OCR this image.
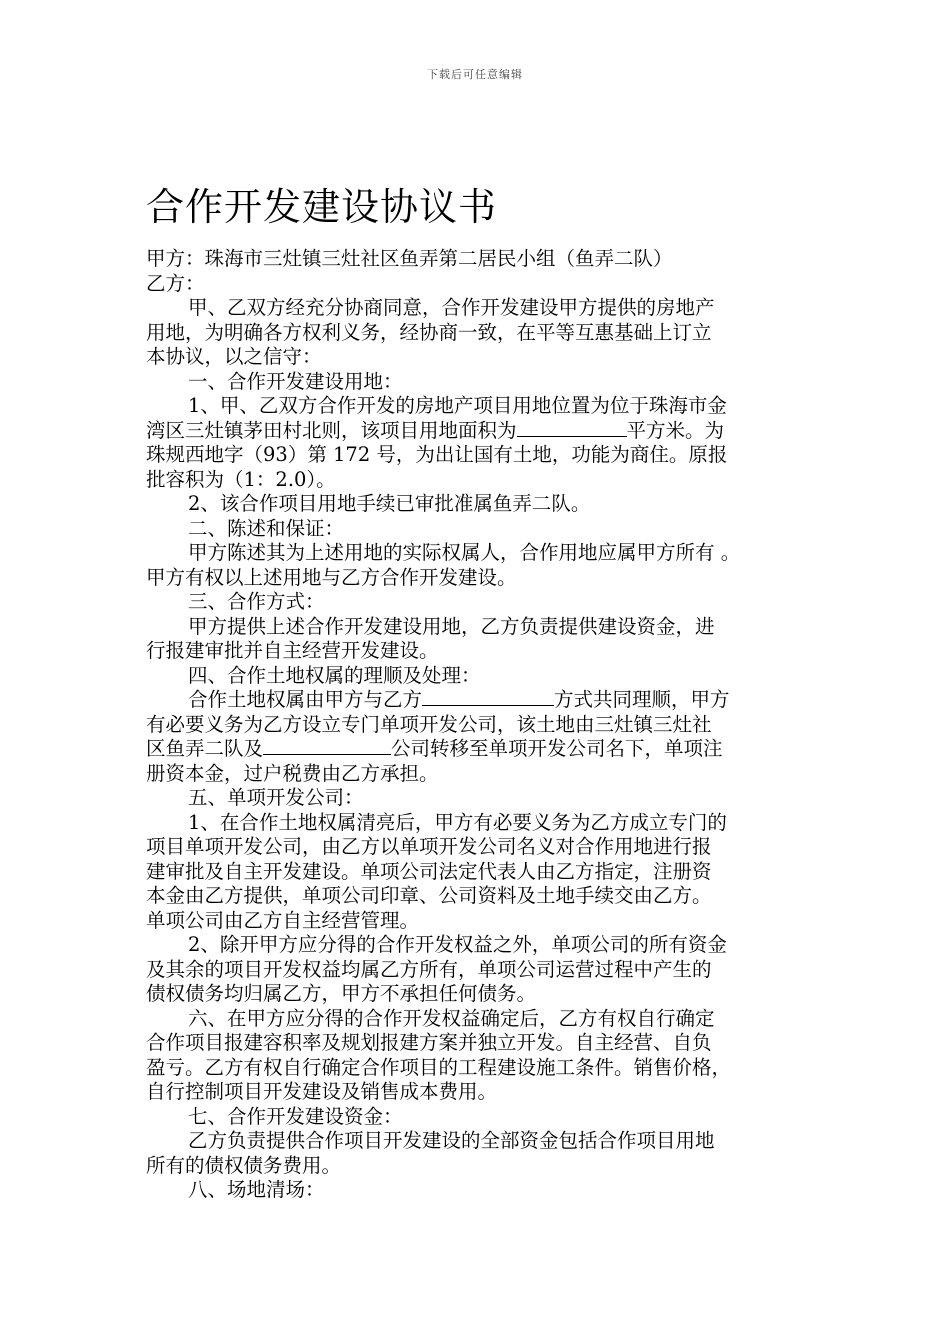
下载后可任意编辑
合作开发建设协议书
甲方：珠海市三灶镇三灶社区鱼弄第二居民小组（鱼弄二队）
乙方：
甲、乙双方经充分协商同意，合作开发建设甲方提供的房地产
用地，为明确各方权利义务，经协商一致，在平等互惠基础上订立
本协议，以之信守：
一、合作开发建设用地：
1、甲、乙双方合作开发的房地产项目用地位置为位于珠海市金
湾区三灶镇茅田村北则，该项目用地面积为	平方米。为
珠规西地字（93）第 172 号，为出让国有土地，功能为商住。原报
批容积为（1：2.0）。
2、该合作项目用地手续已审批准属鱼弄二队。
二、陈述和保证：
甲方陈述其为上述用地的实际权属人，合作用地应属甲方所有 。
甲方有权以上述用地与乙方合作开发建设。
三、合作方式：
甲方提供上述合作开发建设用地，乙方负责提供建设资金，进
行报建审批并自主经营开发建设。
四、合作土地权属的理顺及处理：
合作土地权属由甲方与乙方	方式共同理顺，甲方
有必要义务为乙方设立专门单项开发公司，该土地由三灶镇三灶社
区鱼弄二队及	公司转移至单项开发公司名下，单项注
册资本金，过户税费由乙方承担。
五、单项开发公司：
1、在合作土地权属清亮后，甲方有必要义务为乙方成立专门的
项目单项开发公司，由乙方以单项开发公司名义对合作用地进行报
建审批及自主开发建设。单项公司法定代表人由乙方指定，注册资
本金由乙方提供，单项公司印章、公司资料及土地手续交由乙方。
单项公司由乙方自主经营管理。
2、除开甲方应分得的合作开发权益之外，单项公司的所有资金
及其余的项目开发权益均属乙方所有，单项公司运营过程中产生的
债权债务均归属乙方，甲方不承担任何债务。
六、在甲方应分得的合作开发权益确定后，乙方有权自行确定
合作项目报建容积率及规划报建方案并独立开发。自主经营、自负
盈亏。乙方有权自行确定合作项目的工程建设施工条件。销售价格，
自行控制项目开发建设及销售成本费用。
七、合作开发建设资金：
乙方负责提供合作项目开发建设的全部资金包括合作项目用地
所有的债权债务费用。
八、场地清场：
